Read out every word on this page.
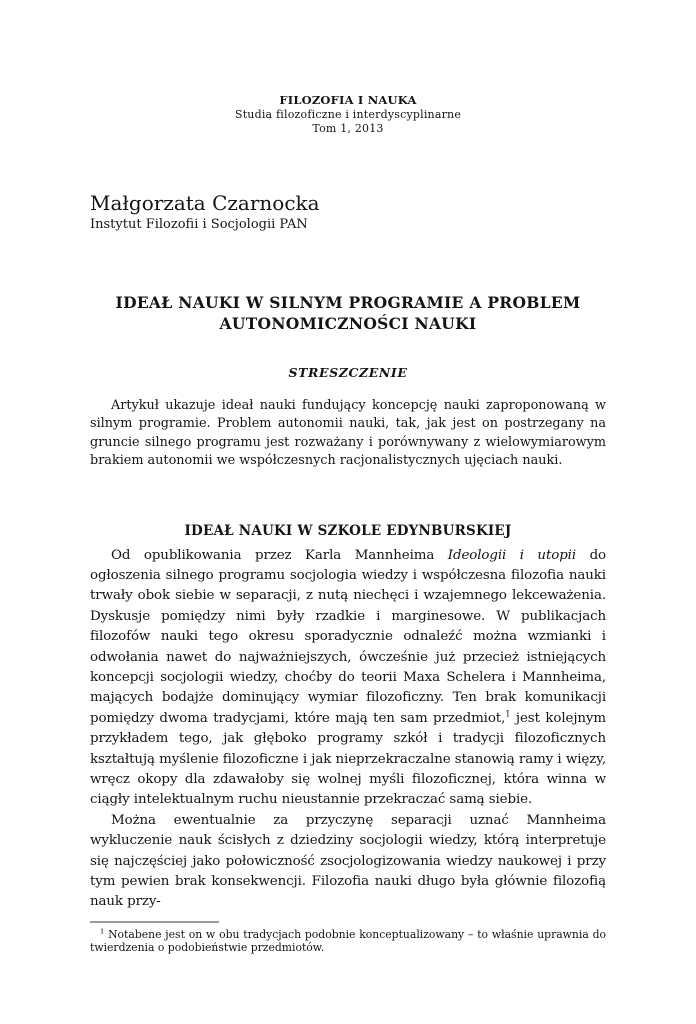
FILOZOFIA I NAUKA
Studia filozoficzne i interdyscyplinarne
Tom 1, 2013
Małgorzata Czarnocka
Instytut Filozofii i Socjologii PAN
IDEAŁ NAUKI W SILNYM PROGRAMIE A PROBLEM AUTONOMICZNOŚCI NAUKI
STRESZCZENIE

Artykuł ukazuje ideał nauki fundujący koncepcję nauki zaproponowaną w silnym programie. Problem autonomii nauki, tak, jak jest on postrzegany na gruncie silnego programu jest rozważany i porównywany z wielowymiarowym brakiem autonomii we współczesnych racjonalistycznych ujęciach nauki.

IDEAŁ NAUKI W SZKOLE EDYNBURSKIEJ

Od opublikowania przez Karla Mannheima Ideologii i utopii do ogłoszenia silnego programu socjologia wiedzy i współczesna filozofia nauki trwały obok siebie w separacji, z nutą niechęci i wzajemnego lekceważenia. Dyskusje pomiędzy nimi były rzadkie i marginesowe. W publikacjach filozofów nauki tego okresu sporadycznie odnaleźć można wzmianki i odwołania nawet do najważniejszych, ówcześnie już przecież istniejących koncepcji socjologii wiedzy, choćby do teorii Maxa Schelera i Mannheima, mających bodajże dominujący wymiar filozoficzny. Ten brak komunikacji pomiędzy dwoma tradycjami, które mają ten sam przedmiot,$^1$ jest kolejnym przykładem tego, jak głęboko programy szkół i tradycji filozoficznych kształtują myślenie filozoficzne i jak nieprzekraczalne stanowią ramy i więzy, wręcz okopy dla zdawałoby się wolnej myśli filozoficznej, która winna w ciągły intelektualnym ruchu nieustannie przekraczać samą siebie.

Można ewentualnie za przyczynę separacji uznać Mannheima wykluczenie nauk ścisłych z dziedziny socjologii wiedzy, którą interpretuje się najczęściej jako połowiczność zsocjologizowania wiedzy naukowej i przy tym pewien brak konsekwencji. Filozofia nauki długo była głównie filozofią nauk przy-

$^1$ Notabene jest on w obu tradycjach podobnie konceptualizowany – to właśnie uprawnia do twierdzenia o podobieństwie przedmiotów.
